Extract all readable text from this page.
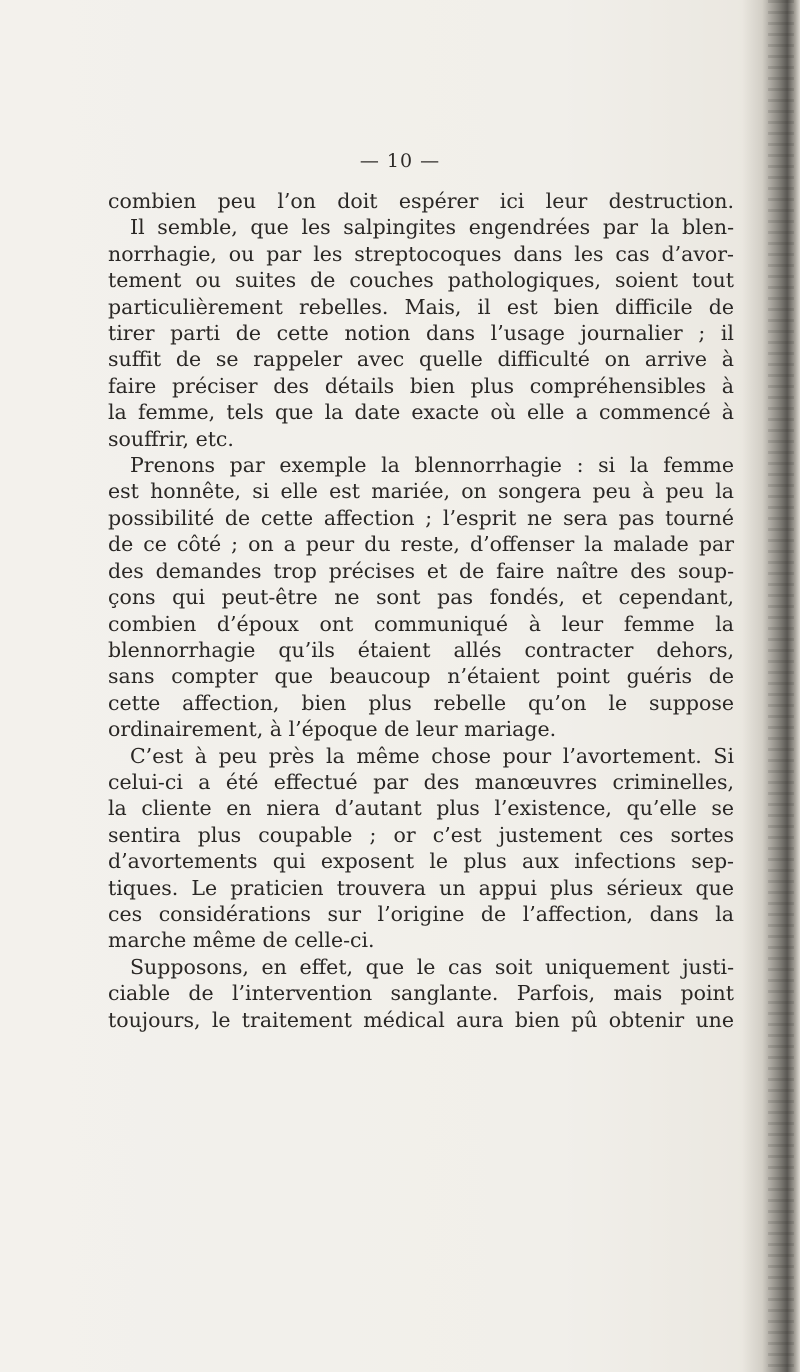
— 10 —
combien peu l’on doit espérer ici leur destruction.
Il semble, que les salpingites engendrées par la blen-
norrhagie, ou par les streptocoques dans les cas d’avor-
tement ou suites de couches pathologiques, soient tout
particulièrement rebelles. Mais, il est bien difficile de
tirer parti de cette notion dans l’usage journalier ; il
suffit de se rappeler avec quelle difficulté on arrive à
faire préciser des détails bien plus compréhensibles à
la femme, tels que la date exacte où elle a commencé à
souffrir, etc.
Prenons par exemple la blennorrhagie : si la femme
est honnête, si elle est mariée, on songera peu à peu la
possibilité de cette affection ; l’esprit ne sera pas tourné
de ce côté ; on a peur du reste, d’offenser la malade par
des demandes trop précises et de faire naître des soup-
çons qui peut-être ne sont pas fondés, et cependant,
combien d’époux ont communiqué à leur femme la
blennorrhagie qu’ils étaient allés contracter dehors,
sans compter que beaucoup n’étaient point guéris de
cette affection, bien plus rebelle qu’on le suppose
ordinairement, à l’époque de leur mariage.
C’est à peu près la même chose pour l’avortement. Si
celui-ci a été effectué par des manœuvres criminelles,
la cliente en niera d’autant plus l’existence, qu’elle se
sentira plus coupable ; or c’est justement ces sortes
d’avortements qui exposent le plus aux infections sep-
tiques. Le praticien trouvera un appui plus sérieux que
ces considérations sur l’origine de l’affection, dans la
marche même de celle-ci.
Supposons, en effet, que le cas soit uniquement justi-
ciable de l’intervention sanglante. Parfois, mais point
toujours, le traitement médical aura bien pû obtenir une
